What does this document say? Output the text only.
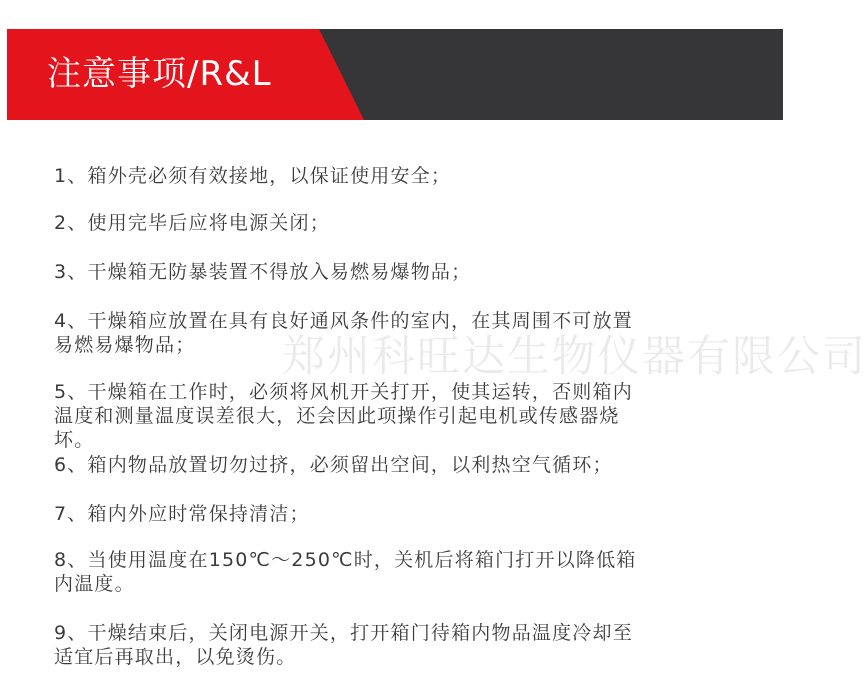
注意事项/R&L
1、箱外壳必须有效接地，以保证使用安全；
2、使用完毕后应将电源关闭；
3、干燥箱无防暴装置不得放入易燃易爆物品；
4、干燥箱应放置在具有良好通风条件的室内，在其周围不可放置
易燃易爆物品；
5、干燥箱在工作时，必须将风机开关打开，使其运转，否则箱内
温度和测量温度误差很大，还会因此项操作引起电机或传感器烧
坏。
6、箱内物品放置切勿过挤，必须留出空间，以利热空气循环；
7、箱内外应时常保持清洁；
8、当使用温度在150℃～250℃时，关机后将箱门打开以降低箱
内温度。
9、干燥结束后，关闭电源开关，打开箱门待箱内物品温度冷却至
适宜后再取出，以免烫伤。
郑州科旺达生物仪器有限公司
